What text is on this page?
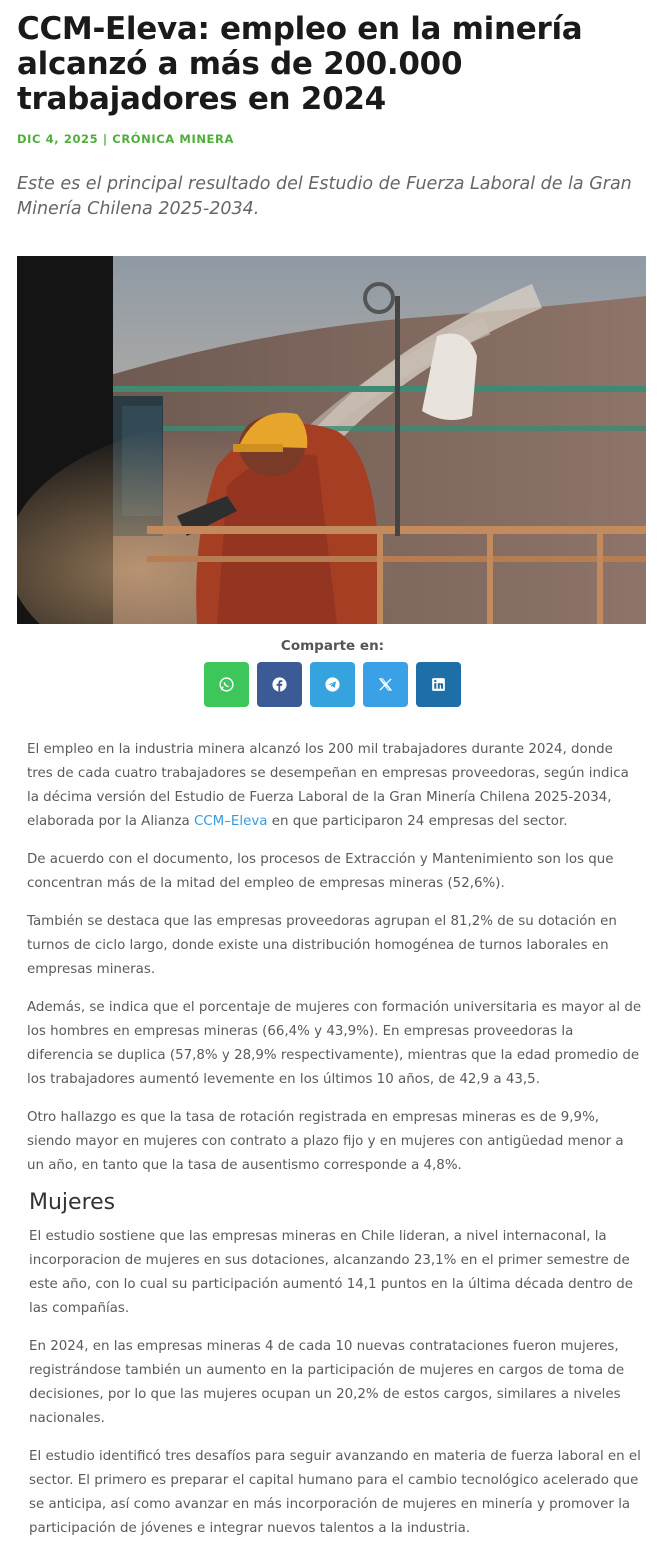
CCM-Eleva: empleo en la minería alcanzó a más de 200.000 trabajadores en 2024
DIC 4, 2025 | CRÓNICA MINERA

Este es el principal resultado del Estudio de Fuerza Laboral de la Gran Minería Chilena 2025-2034.

Comparte en:

El empleo en la industria minera alcanzó los 200 mil trabajadores durante 2024, donde tres de cada cuatro trabajadores se desempeñan en empresas proveedoras, según indica la décima versión del Estudio de Fuerza Laboral de la Gran Minería Chilena 2025-2034, elaborada por la Alianza CCM–Eleva en que participaron 24 empresas del sector.

De acuerdo con el documento, los procesos de Extracción y Mantenimiento son los que concentran más de la mitad del empleo de empresas mineras (52,6%).

También se destaca que las empresas proveedoras agrupan el 81,2% de su dotación en turnos de ciclo largo, donde existe una distribución homogénea de turnos laborales en empresas mineras.

Además, se indica que el porcentaje de mujeres con formación universitaria es mayor al de los hombres en empresas mineras (66,4% y 43,9%). En empresas proveedoras la diferencia se duplica (57,8% y 28,9% respectivamente), mientras que la edad promedio de los trabajadores aumentó levemente en los últimos 10 años, de 42,9 a 43,5.

Otro hallazgo es que la tasa de rotación registrada en empresas mineras es de 9,9%, siendo mayor en mujeres con contrato a plazo fijo y en mujeres con antigüedad menor a un año, en tanto que la tasa de ausentismo corresponde a 4,8%.

Mujeres

El estudio sostiene que las empresas mineras en Chile lideran, a nivel internaconal, la incorporacion de mujeres en sus dotaciones, alcanzando 23,1% en el primer semestre de este año, con lo cual su participación aumentó 14,1 puntos en la última década dentro de las compañías.

En 2024, en las empresas mineras 4 de cada 10 nuevas contrataciones fueron mujeres, registrándose también un aumento en la participación de mujeres en cargos de toma de decisiones, por lo que las mujeres ocupan un 20,2% de estos cargos, similares a niveles nacionales.

El estudio identificó tres desafíos para seguir avanzando en materia de fuerza laboral en el sector. El primero es preparar el capital humano para el cambio tecnológico acelerado que se anticipa, así como avanzar en más incorporación de mujeres en minería y promover la participación de jóvenes e integrar nuevos talentos a la industria.
